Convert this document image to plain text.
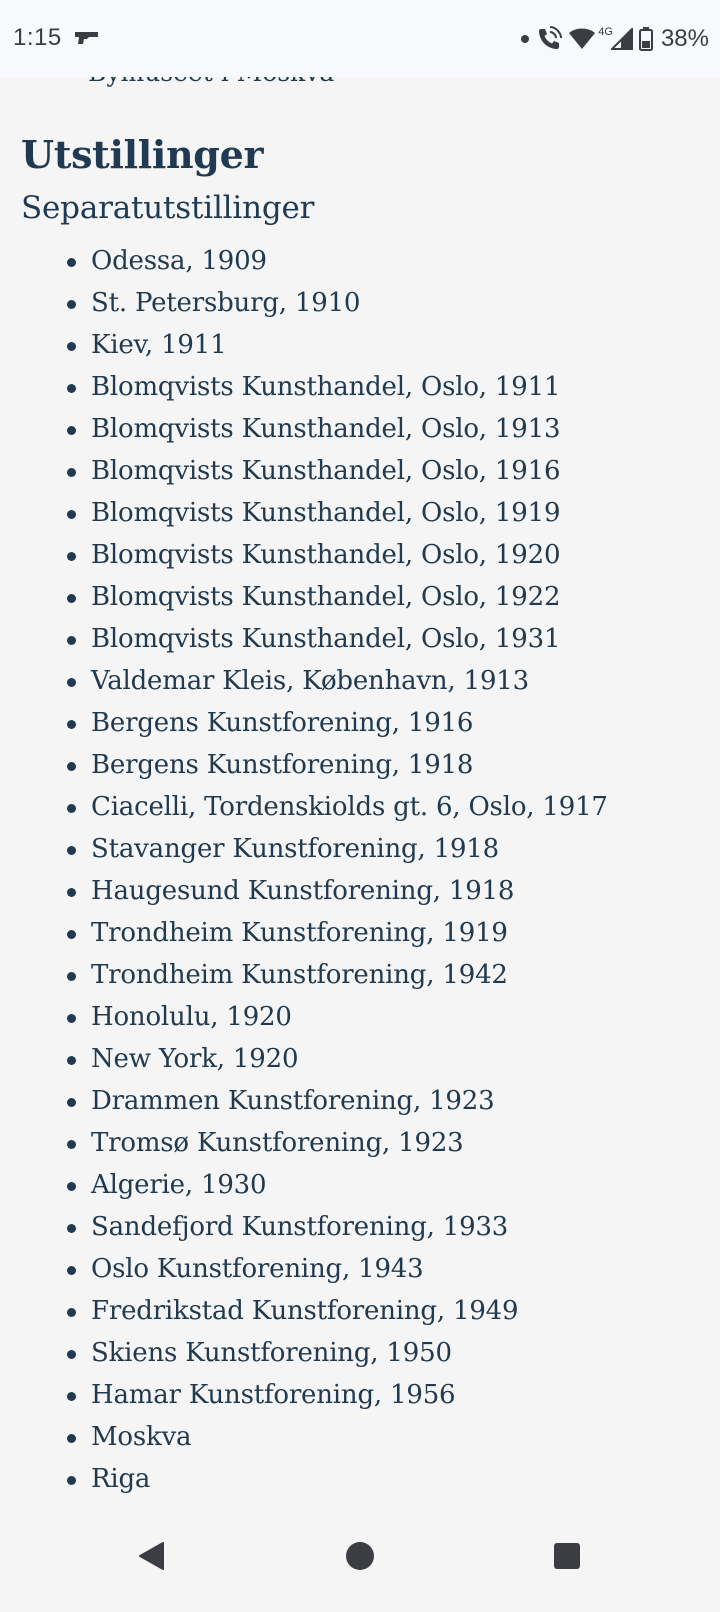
Utstillinger
Separatutstillinger
Odessa, 1909
St. Petersburg, 1910
Kiev, 1911
Blomqvists Kunsthandel, Oslo, 1911
Blomqvists Kunsthandel, Oslo, 1913
Blomqvists Kunsthandel, Oslo, 1916
Blomqvists Kunsthandel, Oslo, 1919
Blomqvists Kunsthandel, Oslo, 1920
Blomqvists Kunsthandel, Oslo, 1922
Blomqvists Kunsthandel, Oslo, 1931
Valdemar Kleis, København, 1913
Bergens Kunstforening, 1916
Bergens Kunstforening, 1918
Ciacelli, Tordenskiolds gt. 6, Oslo, 1917
Stavanger Kunstforening, 1918
Haugesund Kunstforening, 1918
Trondheim Kunstforening, 1919
Trondheim Kunstforening, 1942
Honolulu, 1920
New York, 1920
Drammen Kunstforening, 1923
Tromsø Kunstforening, 1923
Algerie, 1930
Sandefjord Kunstforening, 1933
Oslo Kunstforening, 1943
Fredrikstad Kunstforening, 1949
Skiens Kunstforening, 1950
Hamar Kunstforening, 1956
Moskva
Riga
1:15	4G 38%
